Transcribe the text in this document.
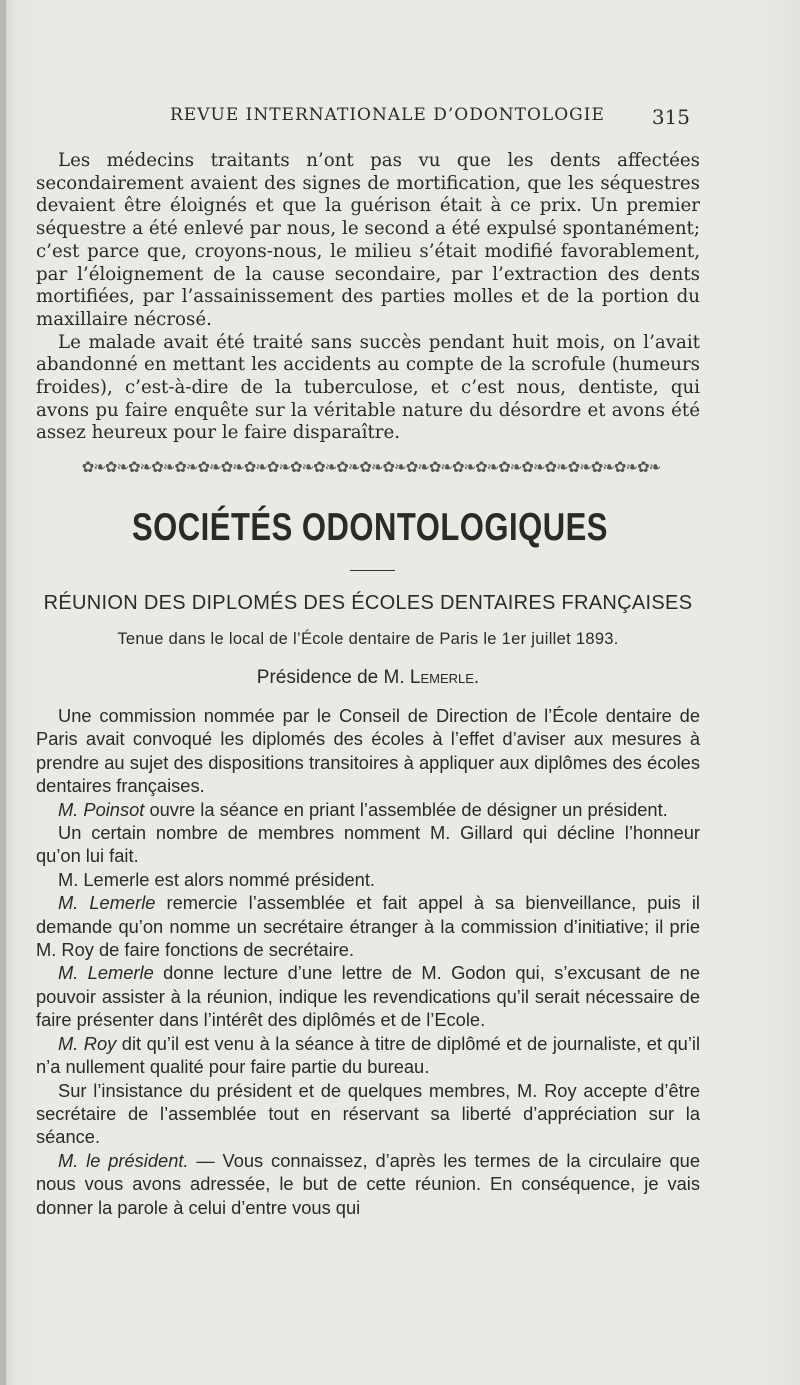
REVUE INTERNATIONALE D’ODONTOLOGIE 315

Les médecins traitants n’ont pas vu que les dents affectées secondairement avaient des signes de mortification, que les séquestres devaient être éloignés et que la guérison était à ce prix. Un premier séquestre a été enlevé par nous, le second a été expulsé spontanément; c’est parce que, croyons-nous, le milieu s’était modifié favorablement, par l’éloignement de la cause secondaire, par l’extraction des dents mortifiées, par l’assainissement des parties molles et de la portion du maxillaire nécrosé.

Le malade avait été traité sans succès pendant huit mois, on l’avait abandonné en mettant les accidents au compte de la scrofule (humeurs froides), c’est-à-dire de la tuberculose, et c’est nous, dentiste, qui avons pu faire enquête sur la véritable nature du désordre et avons été assez heureux pour le faire disparaître.

✿❧✿❧✿❧✿❧✿❧✿❧✿❧✿❧✿❧✿❧✿❧✿❧✿❧✿❧✿❧✿❧✿❧✿❧✿❧✿❧✿❧✿❧✿❧✿❧✿❧
SOCIÉTÉS ODONTOLOGIQUES
RÉUNION DES DIPLOMÉS DES ÉCOLES DENTAIRES FRANÇAISES
Tenue dans le local de l’École dentaire de Paris le 1er juillet 1893.
Présidence de M. Lemerle.

Une commission nommée par le Conseil de Direction de l’École dentaire de Paris avait convoqué les diplomés des écoles à l’effet d’aviser aux mesures à prendre au sujet des dispositions transitoires à appliquer aux diplômes des écoles dentaires françaises.

M. Poinsot ouvre la séance en priant l’assemblée de désigner un président.

Un certain nombre de membres nomment M. Gillard qui décline l’honneur qu’on lui fait.

M. Lemerle est alors nommé président.

M. Lemerle remercie l’assemblée et fait appel à sa bienveillance, puis il demande qu’on nomme un secrétaire étranger à la commission d’initiative; il prie M. Roy de faire fonctions de secrétaire.

M. Lemerle donne lecture d’une lettre de M. Godon qui, s’excusant de ne pouvoir assister à la réunion, indique les revendications qu’il serait nécessaire de faire présenter dans l’intérêt des diplômés et de l’Ecole.

M. Roy dit qu’il est venu à la séance à titre de diplômé et de journaliste, et qu’il n’a nullement qualité pour faire partie du bureau.

Sur l’insistance du président et de quelques membres, M. Roy accepte d’être secrétaire de l’assemblée tout en réservant sa liberté d’appréciation sur la séance.

M. le président. — Vous connaissez, d’après les termes de la circulaire que nous vous avons adressée, le but de cette réunion. En conséquence, je vais donner la parole à celui d’entre vous qui
